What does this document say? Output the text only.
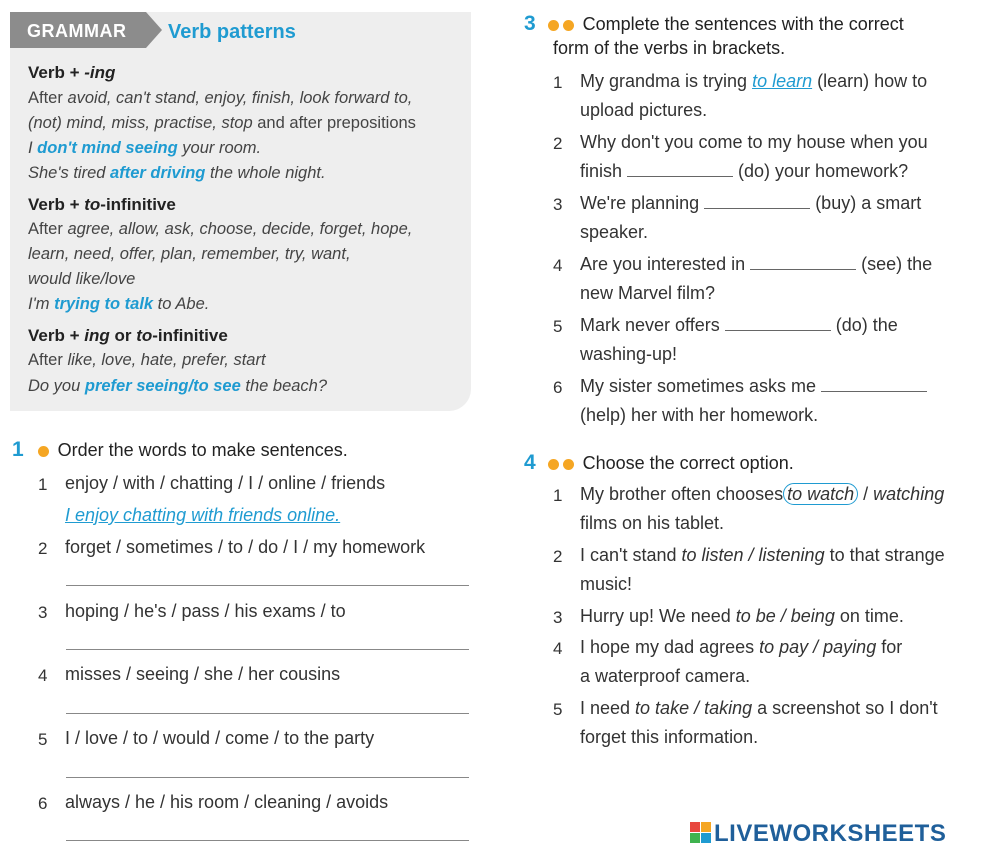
GRAMMAR Verb patterns
Verb + -ing
After avoid, can't stand, enjoy, finish, look forward to,
(not) mind, miss, practise, stop and after prepositions
I don't mind seeing your room.
She's tired after driving the whole night.
Verb + to-infinitive
After agree, allow, ask, choose, decide, forget, hope,
learn, need, offer, plan, remember, try, want,
would like/love
I'm trying to talk to Abe.
Verb + ing or to-infinitive
After like, love, hate, prefer, start
Do you prefer seeing/to see the beach?
1 Order the words to make sentences.
1 enjoy / with / chatting / I / online / friends
I enjoy chatting with friends online.
2 forget / sometimes / to / do / I / my homework
3 hoping / he's / pass / his exams / to
4 misses / seeing / she / her cousins
5 I / love / to / would / come / to the party
6 always / he / his room / cleaning / avoids
3	Complete the sentences with the correct
form of the verbs in brackets.
1 My grandma is trying to learn (learn) how to
upload pictures.
2 Why don't you come to my house when you
finish	(do) your homework?
3 We're planning	(buy) a smart
speaker.
4 Are you interested in	(see) the
new Marvel film?
5 Mark never offers	(do) the
washing-up!
6 My sister sometimes asks me
(help) her with her homework.
4	Choose the correct option.
1 My brother often chooses to watch / watching
films on his tablet.
2 I can't stand to listen / listening to that strange
music!
3 Hurry up! We need to be / being on time.
4 I hope my dad agrees to pay / paying for
a waterproof camera.
5 I need to take / taking a screenshot so I don't
forget this information.
LIVEWORKSHEETS
